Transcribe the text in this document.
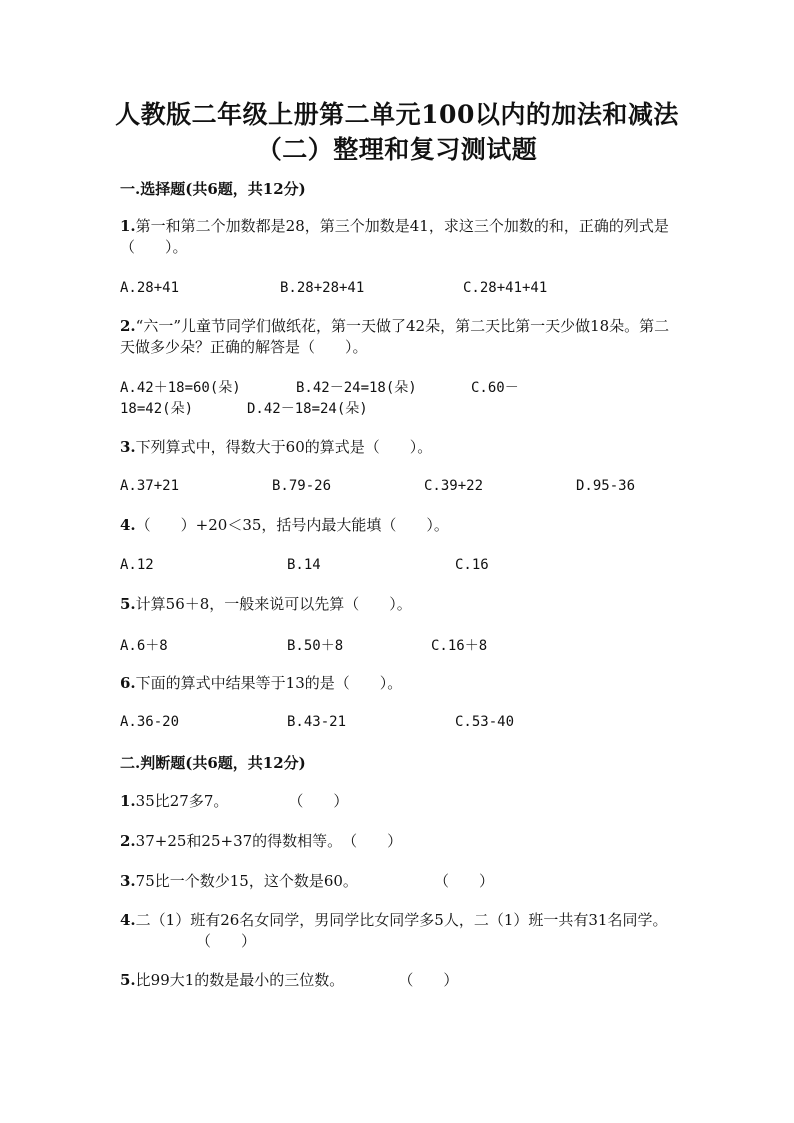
人教版二年级上册第二单元100以内的加法和减法
（二）整理和复习测试题
一.选择题(共6题，共12分)
1.第一和第二个加数都是28，第三个加数是41，求这三个加数的和，正确的列式是（　　）。
A.28+41	B.28+28+41	C.28+41+41
2.“六一”儿童节同学们做纸花，第一天做了42朵，第二天比第一天少做18朵。第二天做多少朵？正确的解答是（　　）。
A.42＋18=60(朵)	B.42－24=18(朵)	C.60－
18=42(朵)	D.42－18=24(朵)
3.下列算式中，得数大于60的算式是（　　）。
A.37+21	B.79-26	C.39+22	D.95-36
4.（　　）+20＜35，括号内最大能填（　　）。
A.12	B.14	C.16
5.计算56＋8，一般来说可以先算（　　）。
A.6＋8	B.50＋8	C.16＋8
6.下面的算式中结果等于13的是（　　）。
A.36-20	B.43-21	C.53-40
二.判断题(共6题，共12分)
1.35比27多7。	（　　）
2.37+25和25+37的得数相等。（　　）
3.75比一个数少15，这个数是60。	（　　）
4.二（1）班有26名女同学，男同学比女同学多5人，二（1）班一共有31名同学。（　　）
5.比99大1的数是最小的三位数。	（　　）
